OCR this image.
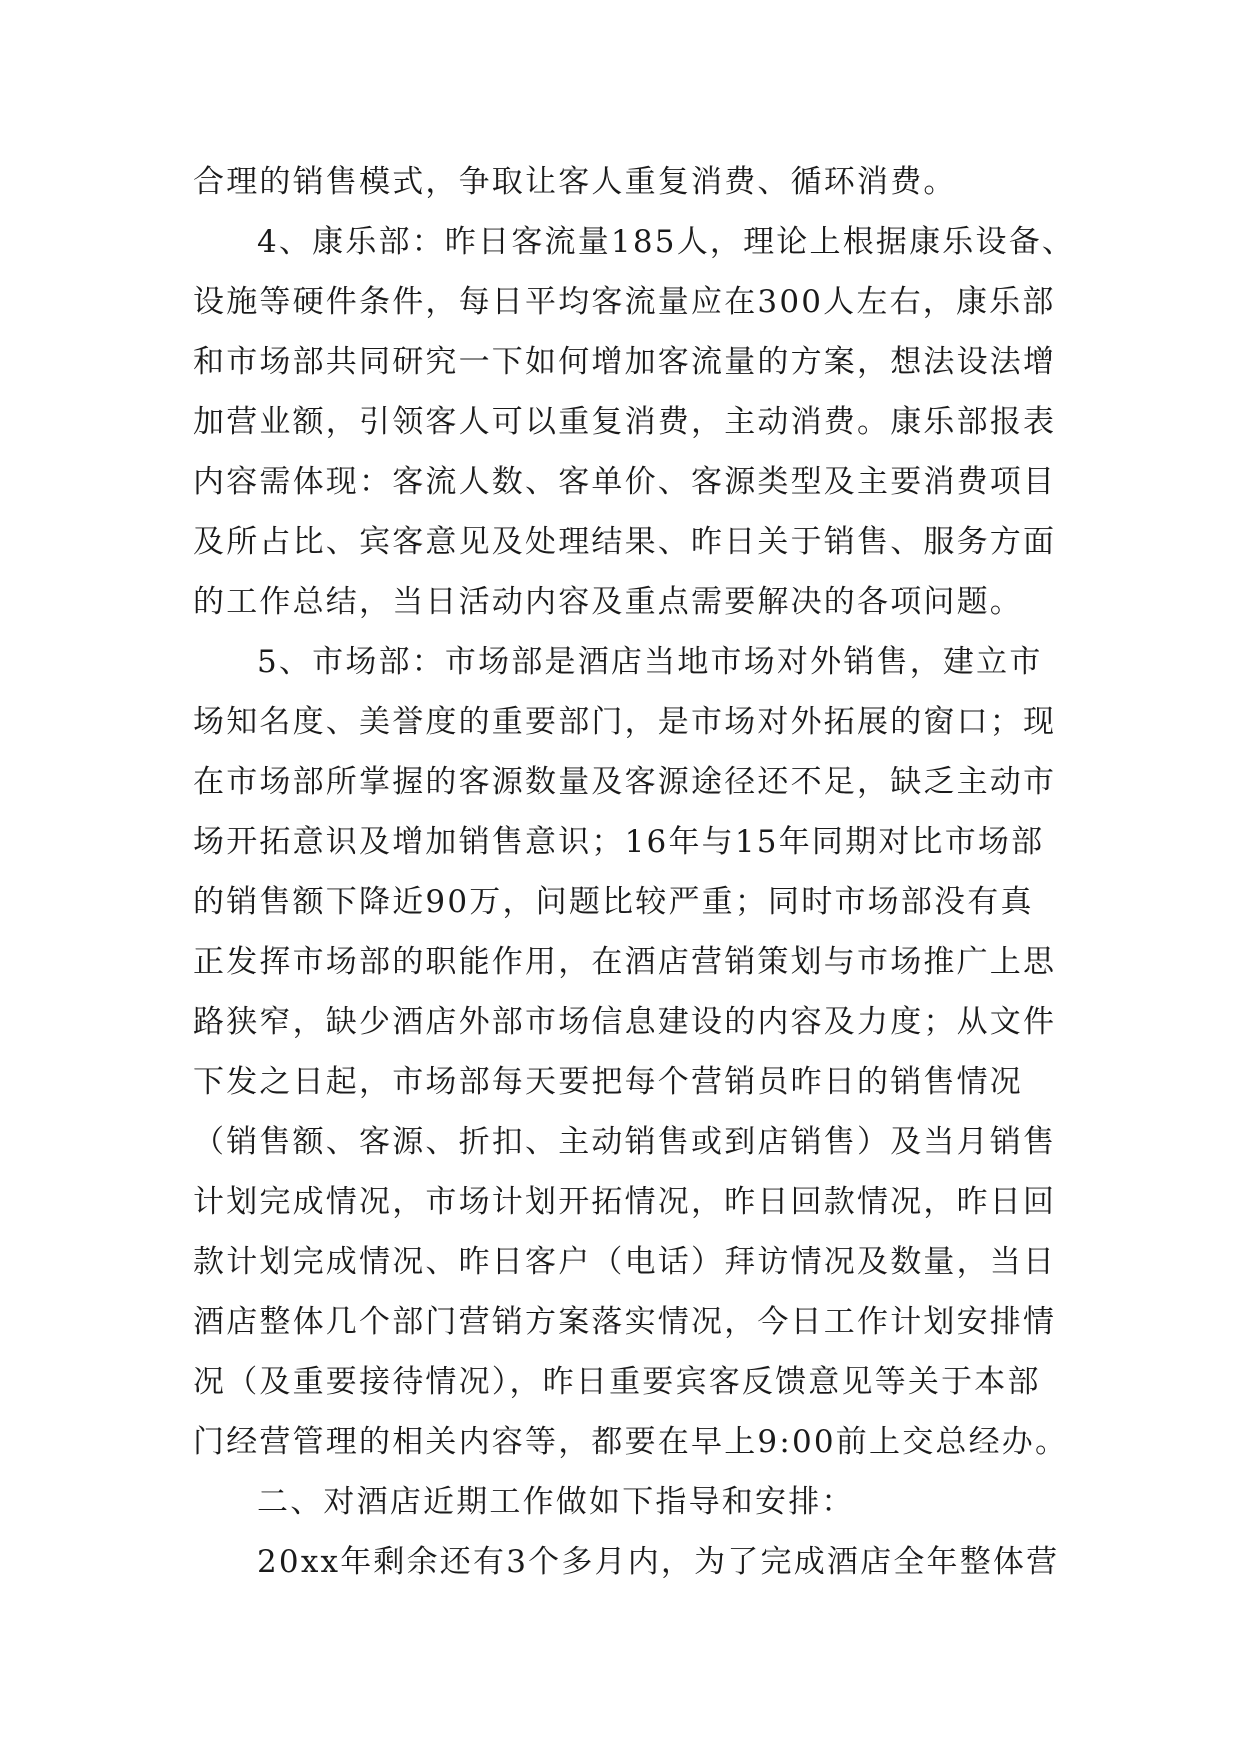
合理的销售模式，争取让客人重复消费、循环消费。
4、康乐部：昨日客流量185人，理论上根据康乐设备、
设施等硬件条件，每日平均客流量应在300人左右，康乐部
和市场部共同研究一下如何增加客流量的方案，想法设法增
加营业额，引领客人可以重复消费，主动消费。康乐部报表
内容需体现：客流人数、客单价、客源类型及主要消费项目
及所占比、宾客意见及处理结果、昨日关于销售、服务方面
的工作总结，当日活动内容及重点需要解决的各项问题。
5、市场部：市场部是酒店当地市场对外销售，建立市
场知名度、美誉度的重要部门，是市场对外拓展的窗口；现
在市场部所掌握的客源数量及客源途径还不足，缺乏主动市
场开拓意识及增加销售意识；16年与15年同期对比市场部
的销售额下降近90万，问题比较严重；同时市场部没有真
正发挥市场部的职能作用，在酒店营销策划与市场推广上思
路狭窄，缺少酒店外部市场信息建设的内容及力度；从文件
下发之日起，市场部每天要把每个营销员昨日的销售情况
（销售额、客源、折扣、主动销售或到店销售）及当月销售
计划完成情况，市场计划开拓情况，昨日回款情况，昨日回
款计划完成情况、昨日客户（电话）拜访情况及数量，当日
酒店整体几个部门营销方案落实情况，今日工作计划安排情
况（及重要接待情况），昨日重要宾客反馈意见等关于本部
门经营管理的相关内容等，都要在早上9:00前上交总经办。
二、对酒店近期工作做如下指导和安排：
20xx年剩余还有3个多月内，为了完成酒店全年整体营
